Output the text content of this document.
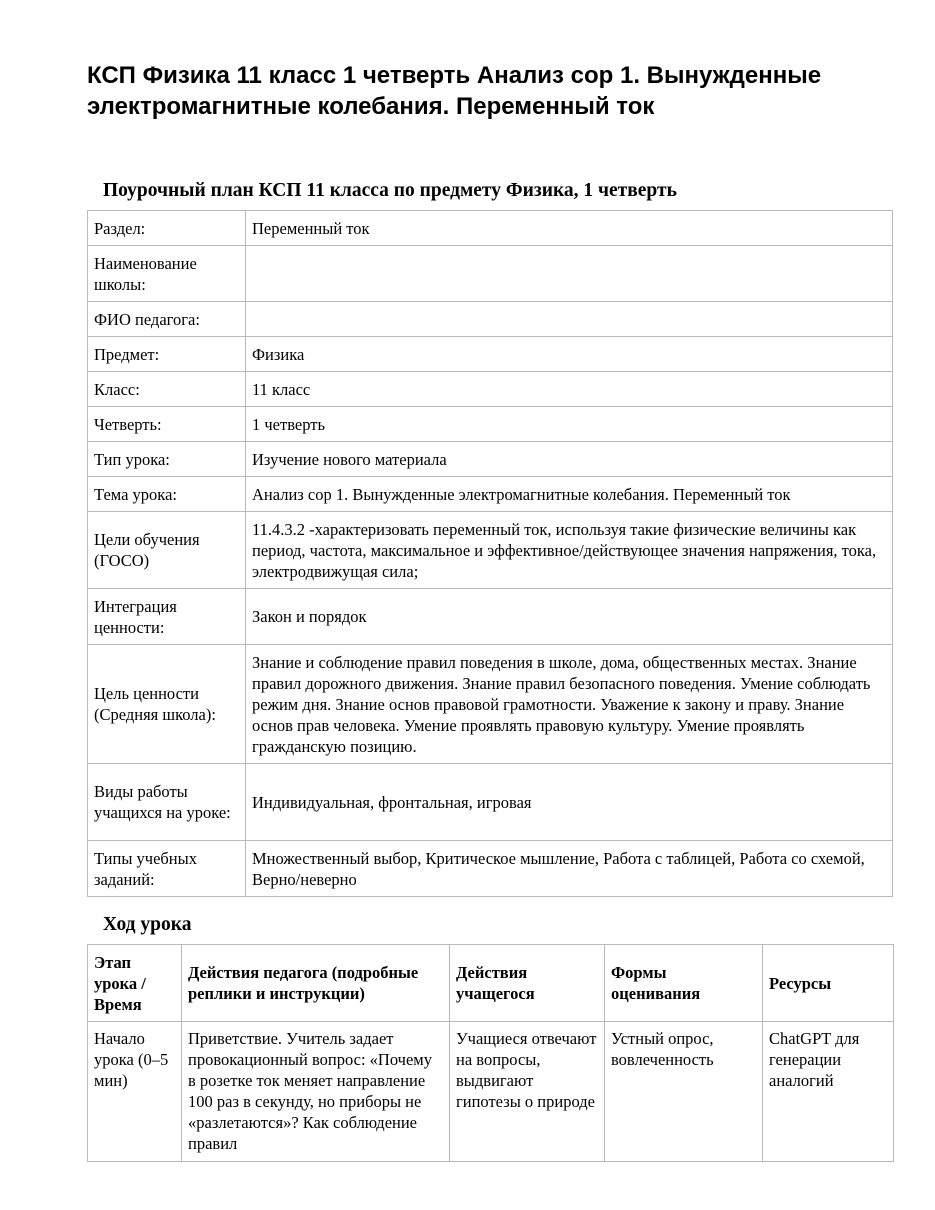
КСП Физика 11 класс 1 четверть Анализ сор 1. Вынужденные электромагнитные колебания. Переменный ток
Поурочный план КСП 11 класса по предмету Физика, 1 четверть
Раздел:	Переменный ток
Наименование школы:	
ФИО педагога:	
Предмет:	Физика
Класс:	11 класс
Четверть:	1 четверть
Тип урока:	Изучение нового материала
Тема урока:	Анализ сор 1. Вынужденные электромагнитные колебания. Переменный ток
Цели обучения (ГОСО)	11.4.3.2 -характеризовать переменный ток, используя такие физические величины как период, частота, максимальное и эффективное/действующее значения напряжения, тока, электродвижущая сила;
Интеграция ценности:	Закон и порядок
Цель ценности (Средняя школа):	Знание и соблюдение правил поведения в школе, дома, общественных местах. Знание правил дорожного движения. Знание правил безопасного поведения. Умение соблюдать режим дня. Знание основ правовой грамотности. Уважение к закону и праву. Знание основ прав человека. Умение проявлять правовую культуру. Умение проявлять гражданскую позицию.
Виды работы учащихся на уроке:	Индивидуальная, фронтальная, игровая
Типы учебных заданий:	Множественный выбор, Критическое мышление, Работа с таблицей, Работа со схемой, Верно/неверно
Ход урока
Этап урока / Время	Действия педагога (подробные реплики и инструкции)	Действия учащегося	Формы оценивания	Ресурсы
Начало урока (0–5 мин)	Приветствие. Учитель задает провокационный вопрос: «Почему в розетке ток меняет направление 100 раз в секунду, но приборы не «разлетаются»? Как соблюдение правил	Учащиеся отвечают на вопросы, выдвигают гипотезы о природе	Устный опрос, вовлеченность	ChatGPT для генерации аналогий
